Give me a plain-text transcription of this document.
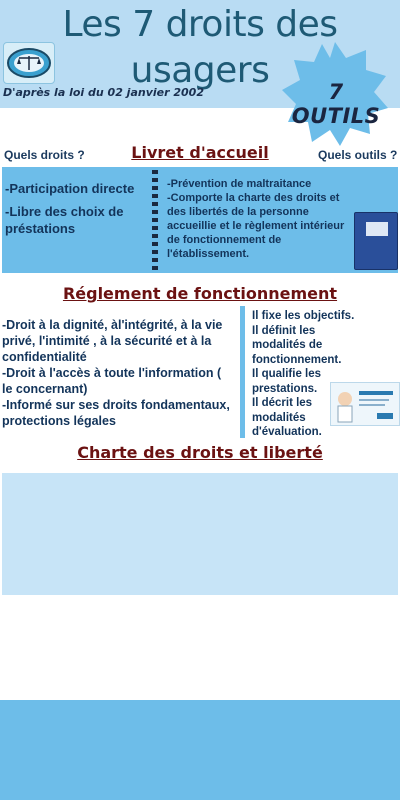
Les 7 droits des usagers
D'après la loi du 02 janvier 2002	7 OUTILS
Quels droits ?	Quels outils ?
Livret d'accueil
-Participation directe
-Libre des choix de préstations
-Prévention de maltraitance
-Comporte la charte des droits et des libertés de la personne accueillie et le règlement intérieur de fonctionnement de l'établissement.
Réglement de fonctionnement
-Droit à la dignité, àl'intégrité, à la vie privé, l'intimité , à la sécurité et à la confidentialité
-Droit à l'accès à toute l'information ( le concernant)
-Informé sur ses droits fondamentaux, protections légales
Il fixe les objectifs.
Il définit les modalités de fonctionnement.
Il qualifie les prestations.
Il décrit les modalités d'évaluation.
Charte des droits et liberté
